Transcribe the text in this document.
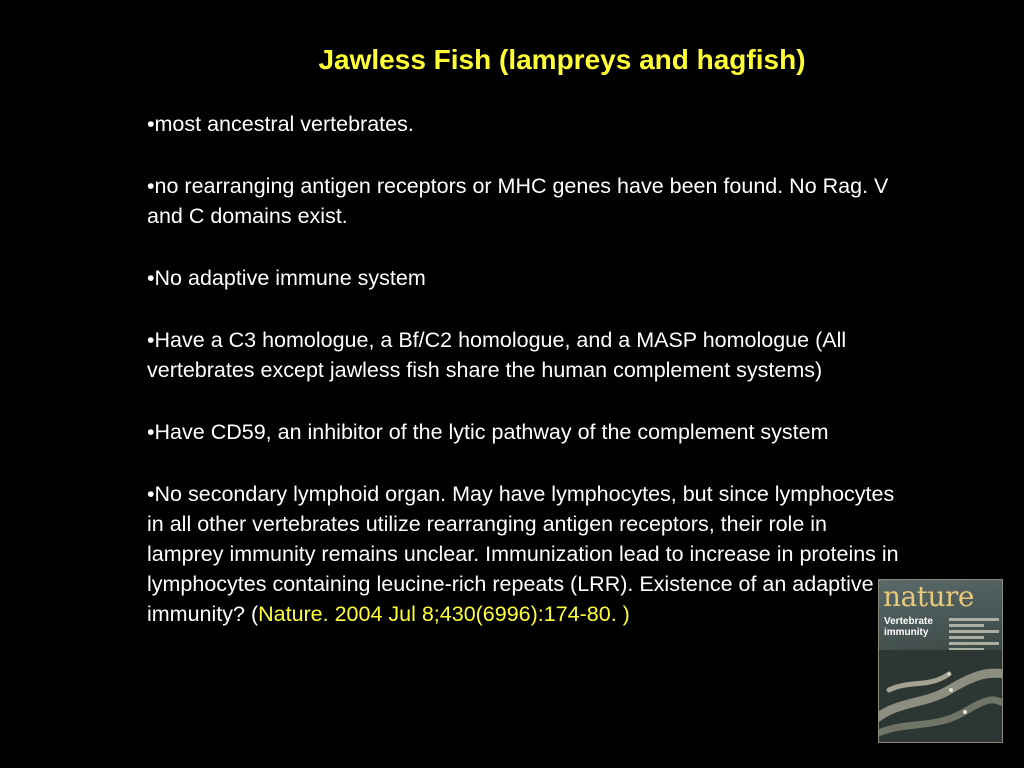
Jawless Fish (lampreys and hagfish)

•most ancestral vertebrates.

•no rearranging antigen receptors or MHC genes have been found. No Rag. V and C domains exist.

•No adaptive immune system

•Have a C3 homologue, a Bf/C2 homologue, and a MASP homologue (All vertebrates except jawless fish share the human complement systems)

•Have CD59, an inhibitor of the lytic pathway of the complement system

•No secondary lymphoid organ. May have lymphocytes, but since lymphocytes in all other vertebrates utilize rearranging antigen receptors, their role in lamprey immunity remains unclear. Immunization lead to increase in proteins in lymphocytes containing leucine-rich repeats (LRR). Existence of an adaptive immunity? (Nature. 2004 Jul 8;430(6996):174-80. )

nature
Vertebrate immunity
